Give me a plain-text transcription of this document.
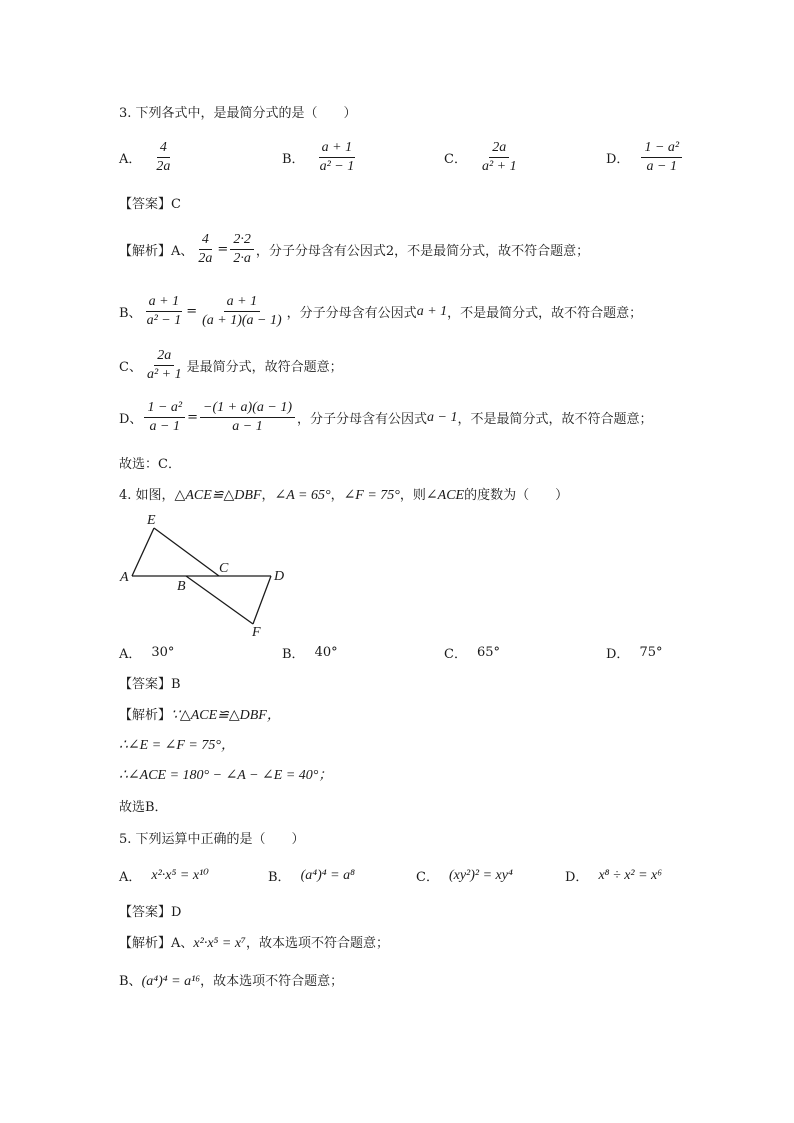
3. 下列各式中，是最简分式的是（　　）
A． $\frac{4}{2a}$	B． $\frac{a + 1}{\text{a² − 1}}$	C． $\frac{2a}{\text{a² + 1}}$	D． $\frac{\text{1 − a²}}{a - 1}$
【答案】C
【解析】 A、 $\frac{4}{2a} = \frac{2\cdot 2}{2\cdot a}$ ，分子分母含有公因式2，不是最简分式，故不符合题意；
B、 $\frac{a + 1}{\text{a² − 1}} = \frac{a + 1}{(a + 1)(a - 1)}$ ，分子分母含有公因式 a + 1 ，不是最简分式，故不符合题意；
C、 $\frac{2a}{\text{a² + 1}}$ 是最简分式，故符合题意；
D、 $\frac{\text{1 − a²}}{a - 1} = \frac{-(1 + a)(a - 1)}{a - 1}$ ，分子分母含有公因式 a − 1 ，不是最简分式，故不符合题意；
故选：C．
4. 如图，△ACE≌△DBF，∠A = 65°，∠F = 75°，则∠ACE的度数为（　　）
E
A
B
C
D
F
A． 30°	B． 40°	C． 65°	D． 75°
【答案】B
【解析】∵△ACE≌△DBF，
∴∠E = ∠F = 75°，
∴∠ACE = 180° − ∠A − ∠E = 40°；
故选B．
5. 下列运算中正确的是（　　）
A． x²·x⁵ = x¹⁰	B． (a⁴)⁴ = a⁸	C． (xy²)² = xy⁴	D． x⁸ ÷ x² = x⁶
【答案】D
【解析】A、x²·x⁵ = x⁷，故本选项不符合题意；
B、(a⁴)⁴ = a¹⁶，故本选项不符合题意；
